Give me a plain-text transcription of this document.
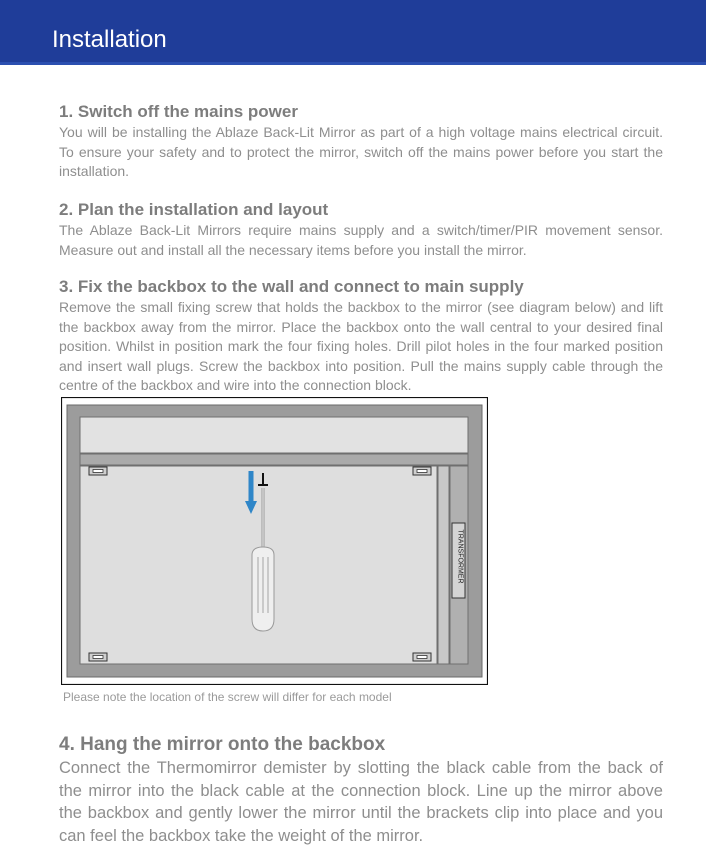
Installation

1. Switch off the mains power

You will be installing the Ablaze Back-Lit Mirror as part of a high voltage mains electrical circuit. To ensure your safety and to protect the mirror, switch off the mains power before you start the installation.

2. Plan the installation and layout

The Ablaze Back-Lit Mirrors require mains supply and a switch/timer/PIR movement sensor. Measure out and install all the necessary items before you install the mirror.

3. Fix the backbox to the wall and connect to main supply

Remove the small fixing screw that holds the backbox to the mirror (see diagram below) and lift the backbox away from the mirror. Place the backbox onto the wall central to your desired final position. Whilst in position mark the four fixing holes. Drill pilot holes in the four marked position and insert wall plugs. Screw the backbox into position. Pull the mains supply cable through the centre of the backbox and wire into the connection block.

TRANSFORMER
Please note the location of the screw will differ for each model

4. Hang the mirror onto the backbox

Connect the Thermomirror demister by slotting the black cable from the back of the mirror into the black cable at the connection block. Line up the mirror above the backbox and gently lower the mirror until the brackets clip into place and you can feel the backbox take the weight of the mirror.
